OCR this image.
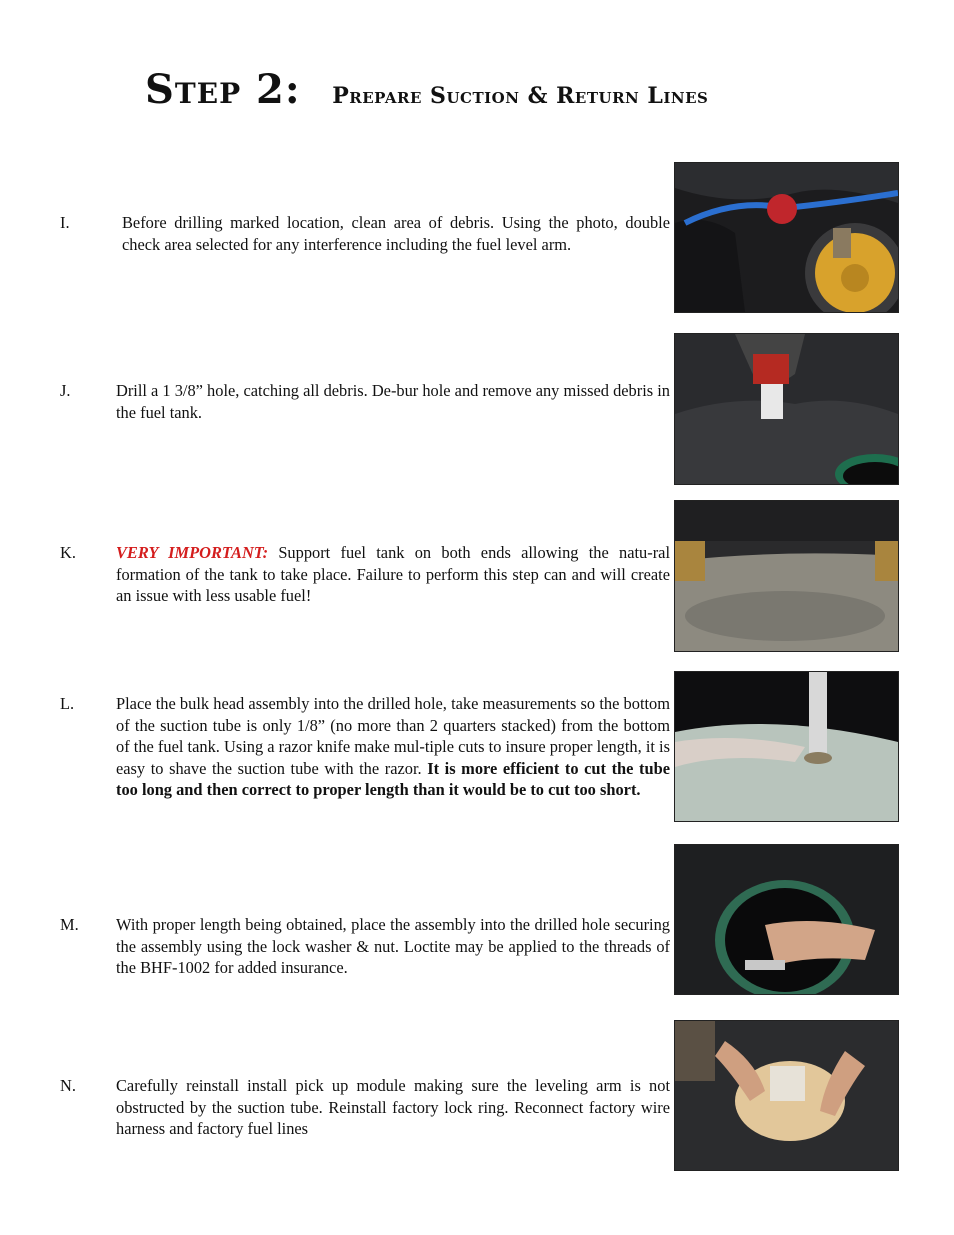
Step 2: Prepare Suction & Return Lines
I.	Before drilling marked location, clean area of debris. Using the photo, double check area selected for any interference including the fuel level arm.
J.	Drill a 1 3/8” hole, catching all debris. De-bur hole and remove any missed debris in the fuel tank.
K. VERY IMPORTANT: Support fuel tank on both ends allowing the natu-ral formation of the tank to take place. Failure to perform this step can and will create an issue with less usable fuel!
L.	Place the bulk head assembly into the drilled hole, take measurements so the bottom of the suction tube is only 1/8” (no more than 2 quarters stacked) from the bottom of the fuel tank. Using a razor knife make mul-tiple cuts to insure proper length, it is easy to shave the suction tube with the razor. It is more efficient to cut the tube too long and then correct to proper length than it would be to cut too short.
M. With proper length being obtained, place the assembly into the drilled hole securing the assembly using the lock washer & nut. Loctite may be applied to the threads of the BHF-1002 for added insurance.
N. Carefully reinstall install pick up module making sure the leveling arm is not obstructed by the suction tube. Reinstall factory lock ring. Reconnect factory wire harness and factory fuel lines
